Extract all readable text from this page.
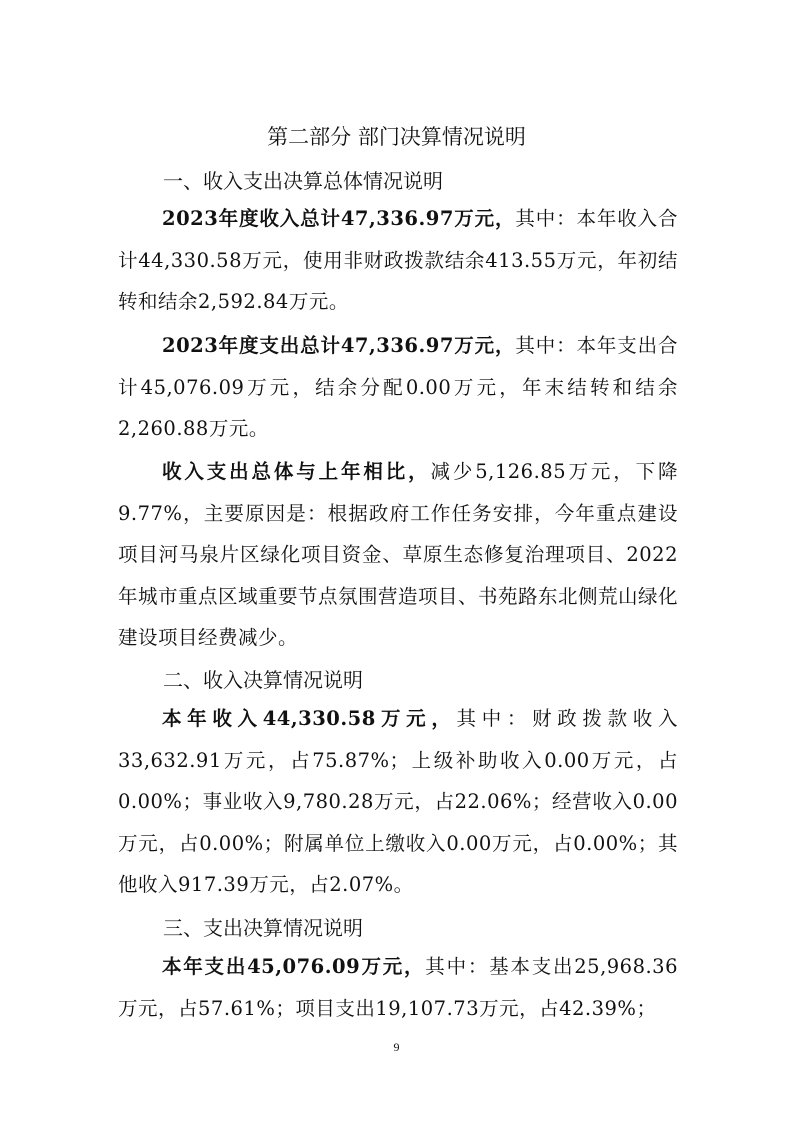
第二部分 部门决算情况说明
一、收入支出决算总体情况说明

2023年度收入总计47,336.97万元，其中：本年收入合计44,330.58万元，使用非财政拨款结余413.55万元，年初结转和结余2,592.84万元。

2023年度支出总计47,336.97万元，其中：本年支出合计45,076.09万元，结余分配0.00万元，年末结转和结余2,260.88万元。

收入支出总体与上年相比，减少5,126.85万元，下降9.77%，主要原因是：根据政府工作任务安排，今年重点建设项目河马泉片区绿化项目资金、草原生态修复治理项目、2022年城市重点区域重要节点氛围营造项目、书苑路东北侧荒山绿化建设项目经费减少。

二、收入决算情况说明

本年收入44,330.58万元，其中：财政拨款收入33,632.91万元，占75.87%；上级补助收入0.00万元，占0.00%；事业收入9,780.28万元，占22.06%；经营收入0.00万元，占0.00%；附属单位上缴收入0.00万元，占0.00%；其他收入917.39万元，占2.07%。

三、支出决算情况说明

本年支出45,076.09万元，其中：基本支出25,968.36万元，占57.61%；项目支出19,107.73万元，占42.39%；

9
